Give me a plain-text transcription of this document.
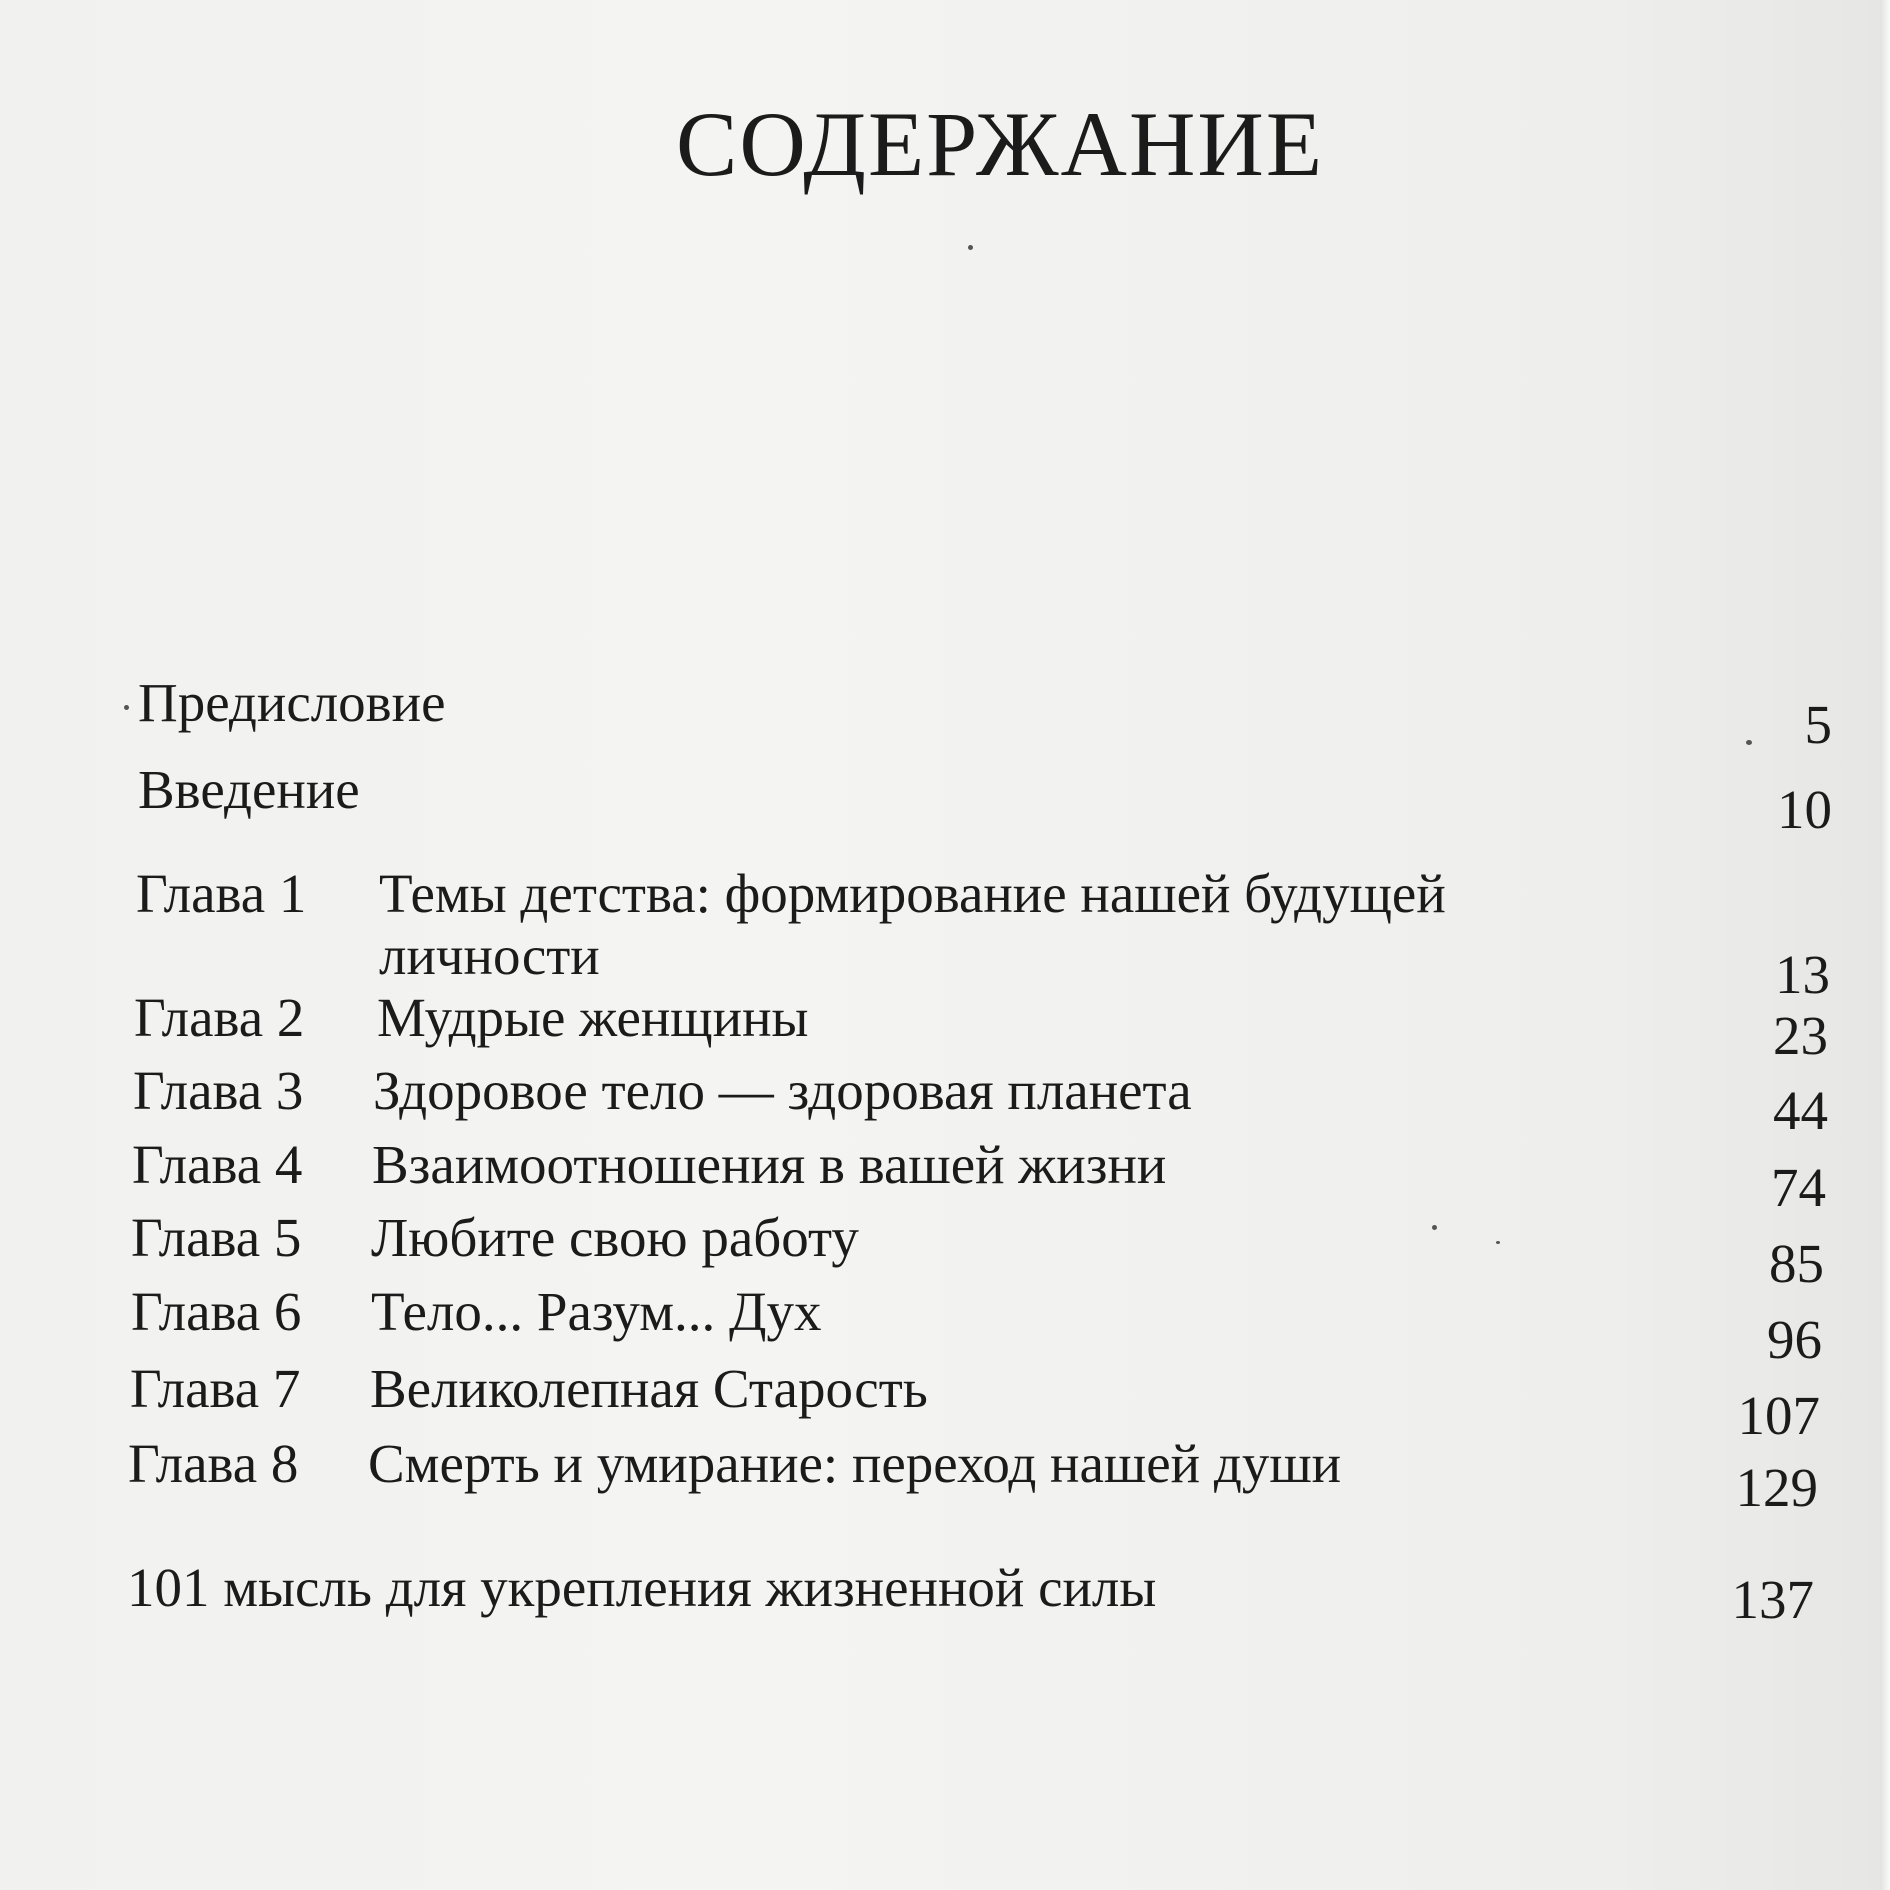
СОДЕРЖАНИЕ
Предисловие	5
Введение	10
Глава 1 Темы детства: формирование нашей будущей
личности	13
Глава 2 Мудрые женщины	23
Глава 3 Здоровое тело — здоровая планета	44
Глава 4 Взаимоотношения в вашей жизни	74
Глава 5 Любите свою работу	85
Глава 6 Тело... Разум... Дух	96
Глава 7 Великолепная Старость	107
Глава 8 Смерть и умирание: переход нашей души	129
101 мысль для укрепления жизненной силы	137
